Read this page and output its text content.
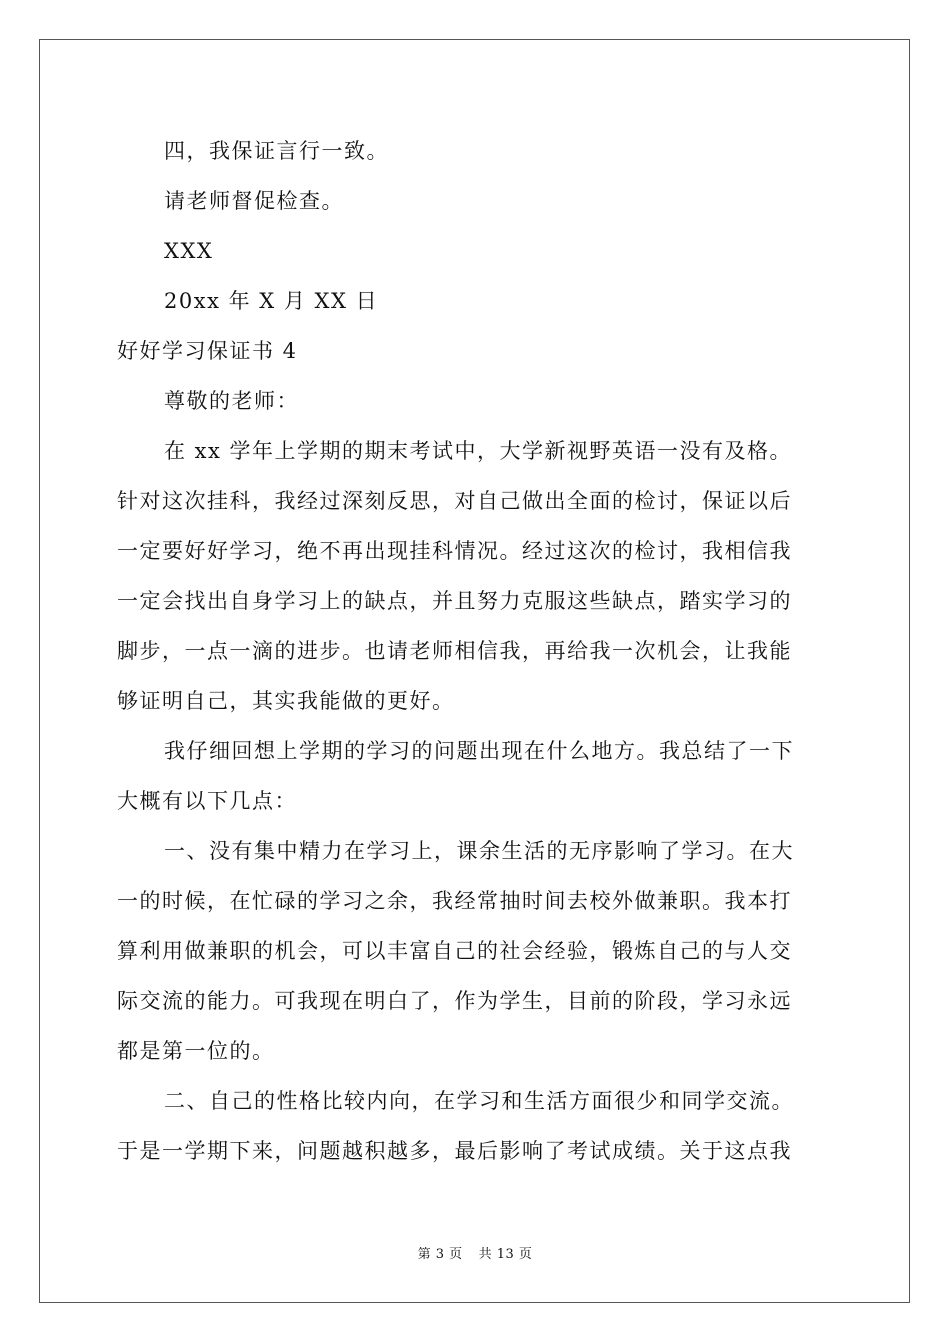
四，我保证言行一致。
请老师督促检查。
XXX
20xx 年 X 月 XX 日
好好学习保证书 4
尊敬的老师：
在 xx 学年上学期的期末考试中，大学新视野英语一没有及格。
针对这次挂科，我经过深刻反思，对自己做出全面的检讨，保证以后
一定要好好学习，绝不再出现挂科情况。经过这次的检讨，我相信我
一定会找出自身学习上的缺点，并且努力克服这些缺点，踏实学习的
脚步，一点一滴的进步。也请老师相信我，再给我一次机会，让我能
够证明自己，其实我能做的更好。
我仔细回想上学期的学习的问题出现在什么地方。我总结了一下
大概有以下几点：
一、没有集中精力在学习上，课余生活的无序影响了学习。在大
一的时候，在忙碌的学习之余，我经常抽时间去校外做兼职。我本打
算利用做兼职的机会，可以丰富自己的社会经验，锻炼自己的与人交
际交流的能力。可我现在明白了，作为学生，目前的阶段，学习永远
都是第一位的。
二、自己的性格比较内向，在学习和生活方面很少和同学交流。
于是一学期下来，问题越积越多，最后影响了考试成绩。关于这点我
第 3 页 共 13 页
